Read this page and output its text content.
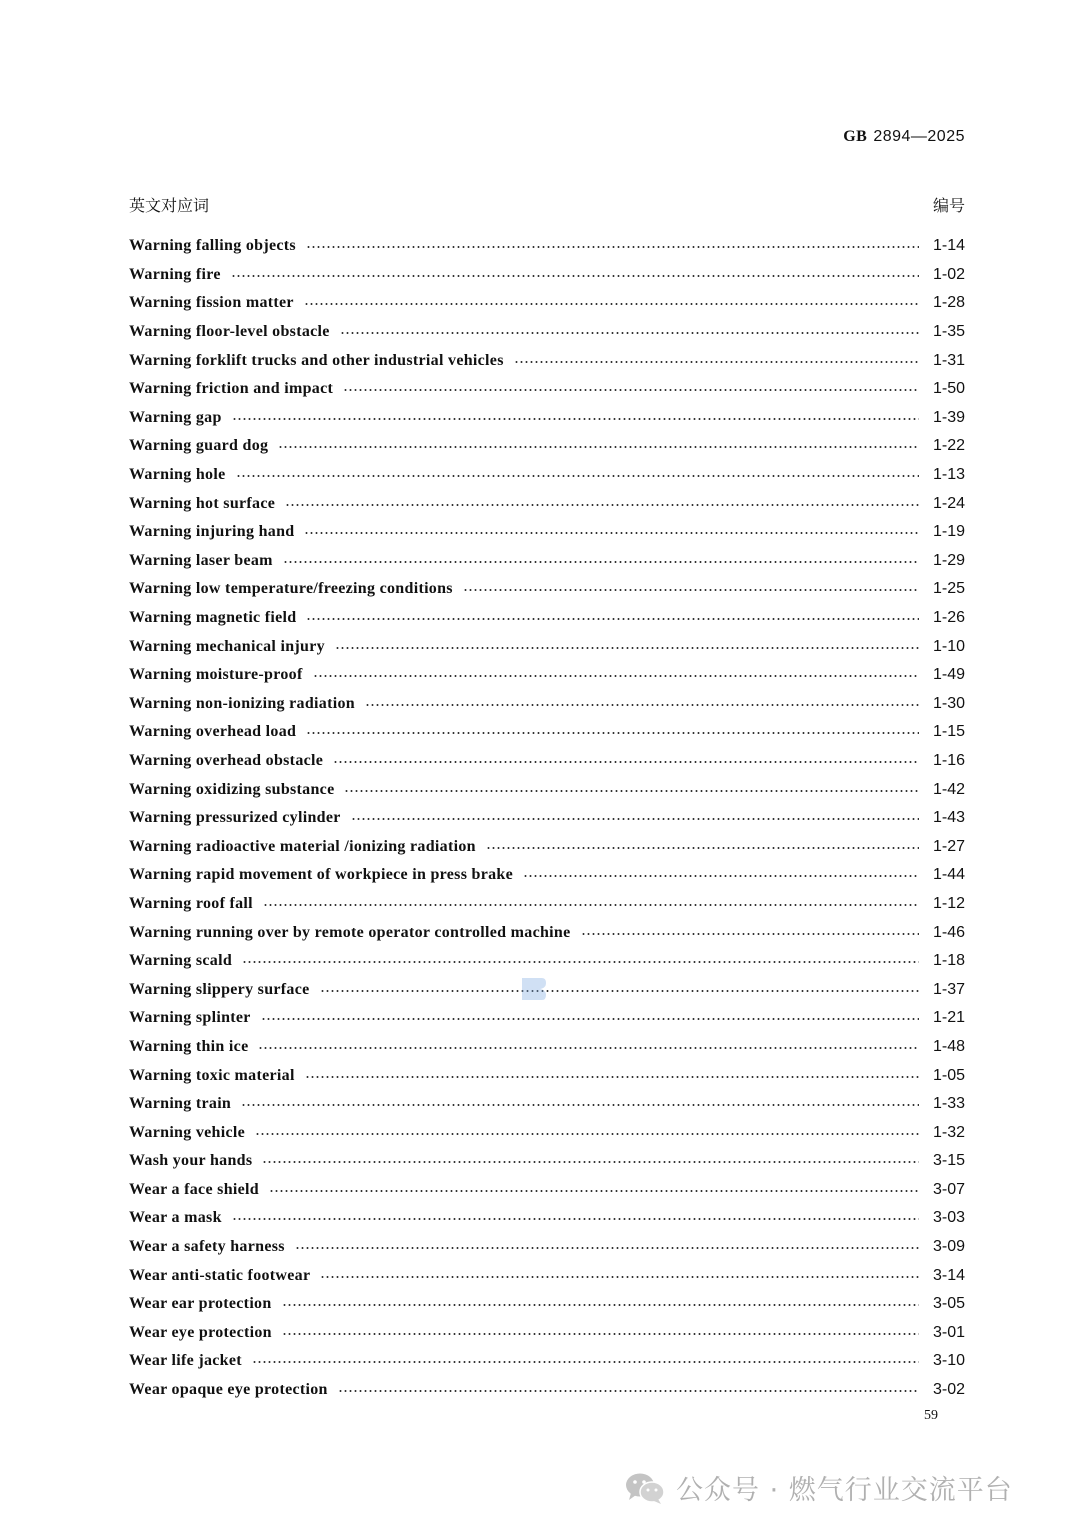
GB 2894—2025
英文对应词	编号
Warning falling objects	1-14
Warning fire	1-02
Warning fission matter	1-28
Warning floor-level obstacle	1-35
Warning forklift trucks and other industrial vehicles	1-31
Warning friction and impact	1-50
Warning gap	1-39
Warning guard dog	1-22
Warning hole	1-13
Warning hot surface	1-24
Warning injuring hand	1-19
Warning laser beam	1-29
Warning low temperature/freezing conditions	1-25
Warning magnetic field	1-26
Warning mechanical injury	1-10
Warning moisture-proof	1-49
Warning non-ionizing radiation	1-30
Warning overhead load	1-15
Warning overhead obstacle	1-16
Warning oxidizing substance	1-42
Warning pressurized cylinder	1-43
Warning radioactive material /ionizing radiation	1-27
Warning rapid movement of workpiece in press brake	1-44
Warning roof fall	1-12
Warning running over by remote operator controlled machine	1-46
Warning scald	1-18
Warning slippery surface	1-37
Warning splinter	1-21
Warning thin ice	1-48
Warning toxic material	1-05
Warning train	1-33
Warning vehicle	1-32
Wash your hands	3-15
Wear a face shield	3-07
Wear a mask	3-03
Wear a safety harness	3-09
Wear anti-static footwear	3-14
Wear ear protection	3-05
Wear eye protection	3-01
Wear life jacket	3-10
Wear opaque eye protection	3-02
59
公众号 · 燃气行业交流平台
